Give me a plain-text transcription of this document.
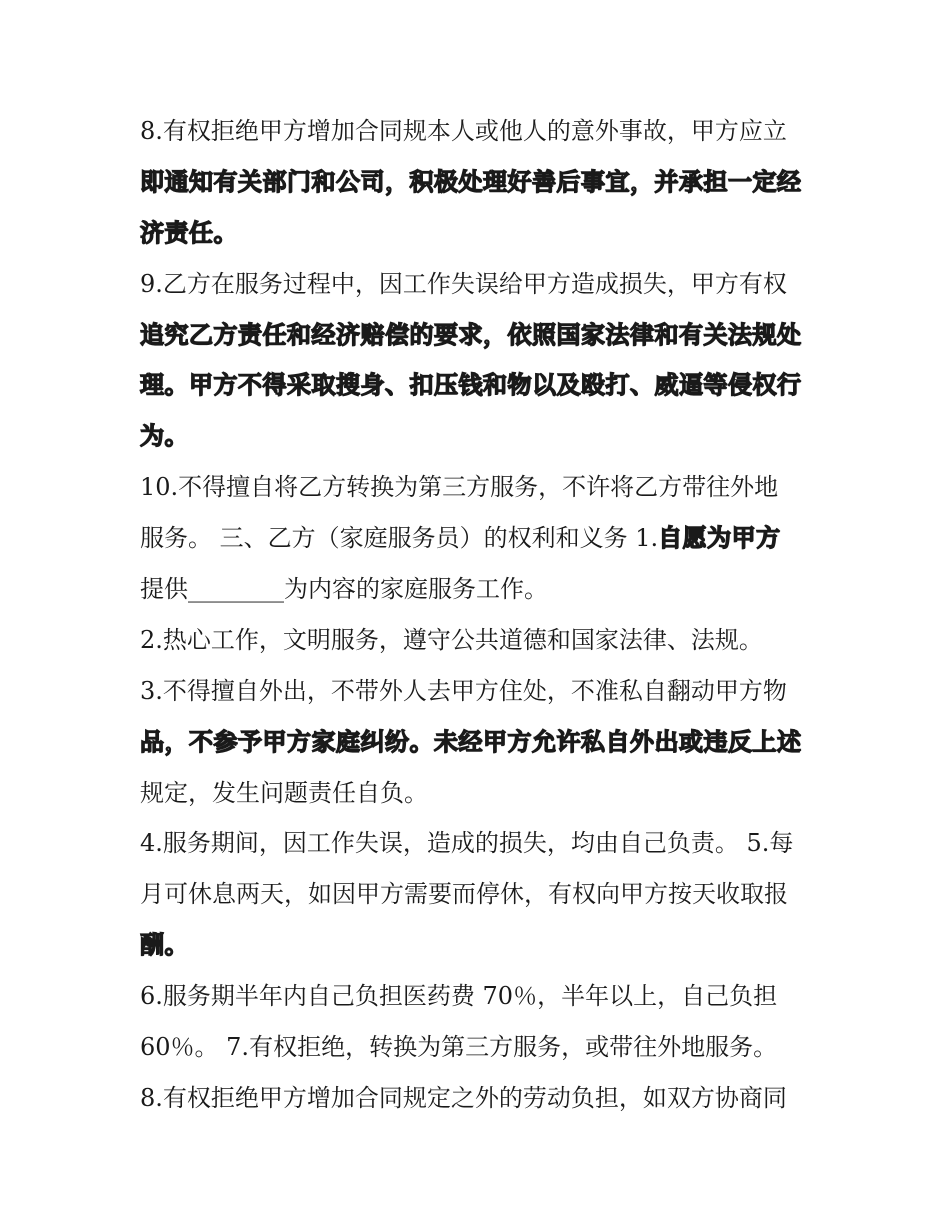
8.有权拒绝甲方增加合同规本人或他人的意外事故，甲方应立
即通知有关部门和公司，积极处理好善后事宜，并承担一定经
济责任。
9.乙方在服务过程中，因工作失误给甲方造成损失，甲方有权
追究乙方责任和经济赔偿的要求，依照国家法律和有关法规处
理。甲方不得采取搜身、扣压钱和物以及殴打、威逼等侵权行
为。
10.不得擅自将乙方转换为第三方服务，不许将乙方带往外地
服务。 三、乙方（家庭服务员）的权利和义务 1.自愿为甲方
提供________为内容的家庭服务工作。
2.热心工作，文明服务，遵守公共道德和国家法律、法规。
3.不得擅自外出，不带外人去甲方住处，不准私自翻动甲方物
品，不参予甲方家庭纠纷。未经甲方允许私自外出或违反上述
规定，发生问题责任自负。
4.服务期间，因工作失误，造成的损失，均由自己负责。 5.每
月可休息两天，如因甲方需要而停休，有权向甲方按天收取报
酬。
6.服务期半年内自己负担医药费 70％，半年以上，自己负担
60％。 7.有权拒绝，转换为第三方服务，或带往外地服务。
8.有权拒绝甲方增加合同规定之外的劳动负担，如双方协商同
